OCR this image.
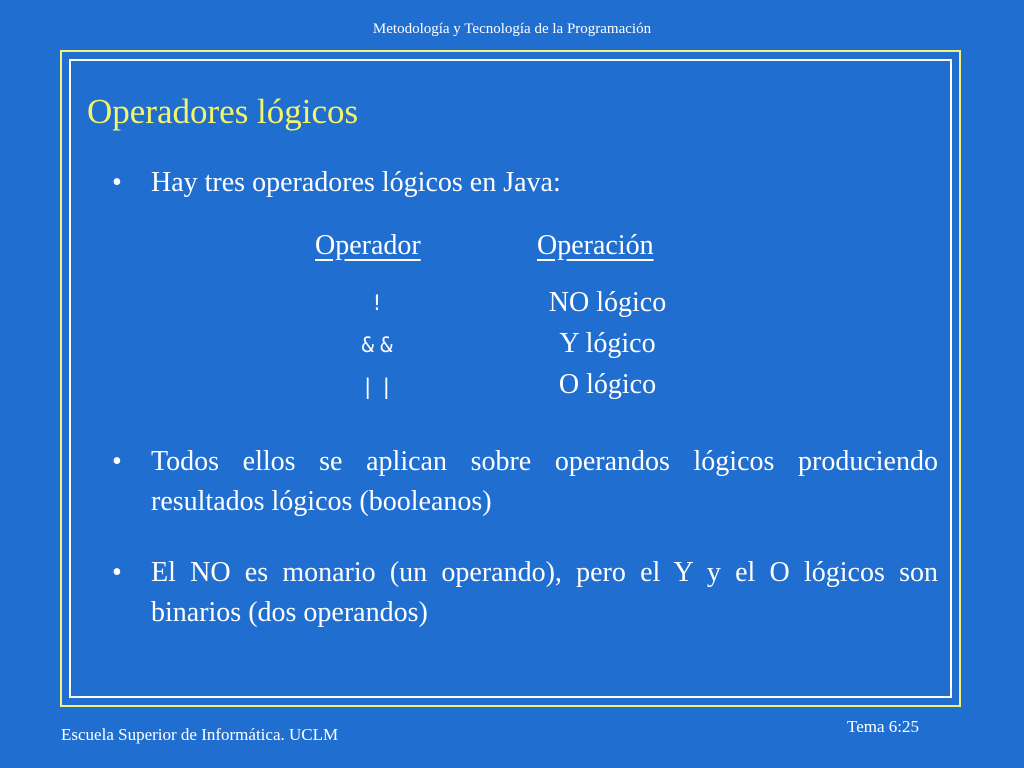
Metodología y Tecnología de la Programación
Operadores lógicos
• Hay tres operadores lógicos en Java:
Operador	Operación
!
&&
||
NO lógico
Y lógico
O lógico
• Todos ellos se aplican sobre operandos lógicos produciendo resultados lógicos (booleanos)
• El NO es monario (un operando), pero el Y y el O lógicos son binarios (dos operandos)
Escuela Superior de Informática. UCLM	Tema 6:25
